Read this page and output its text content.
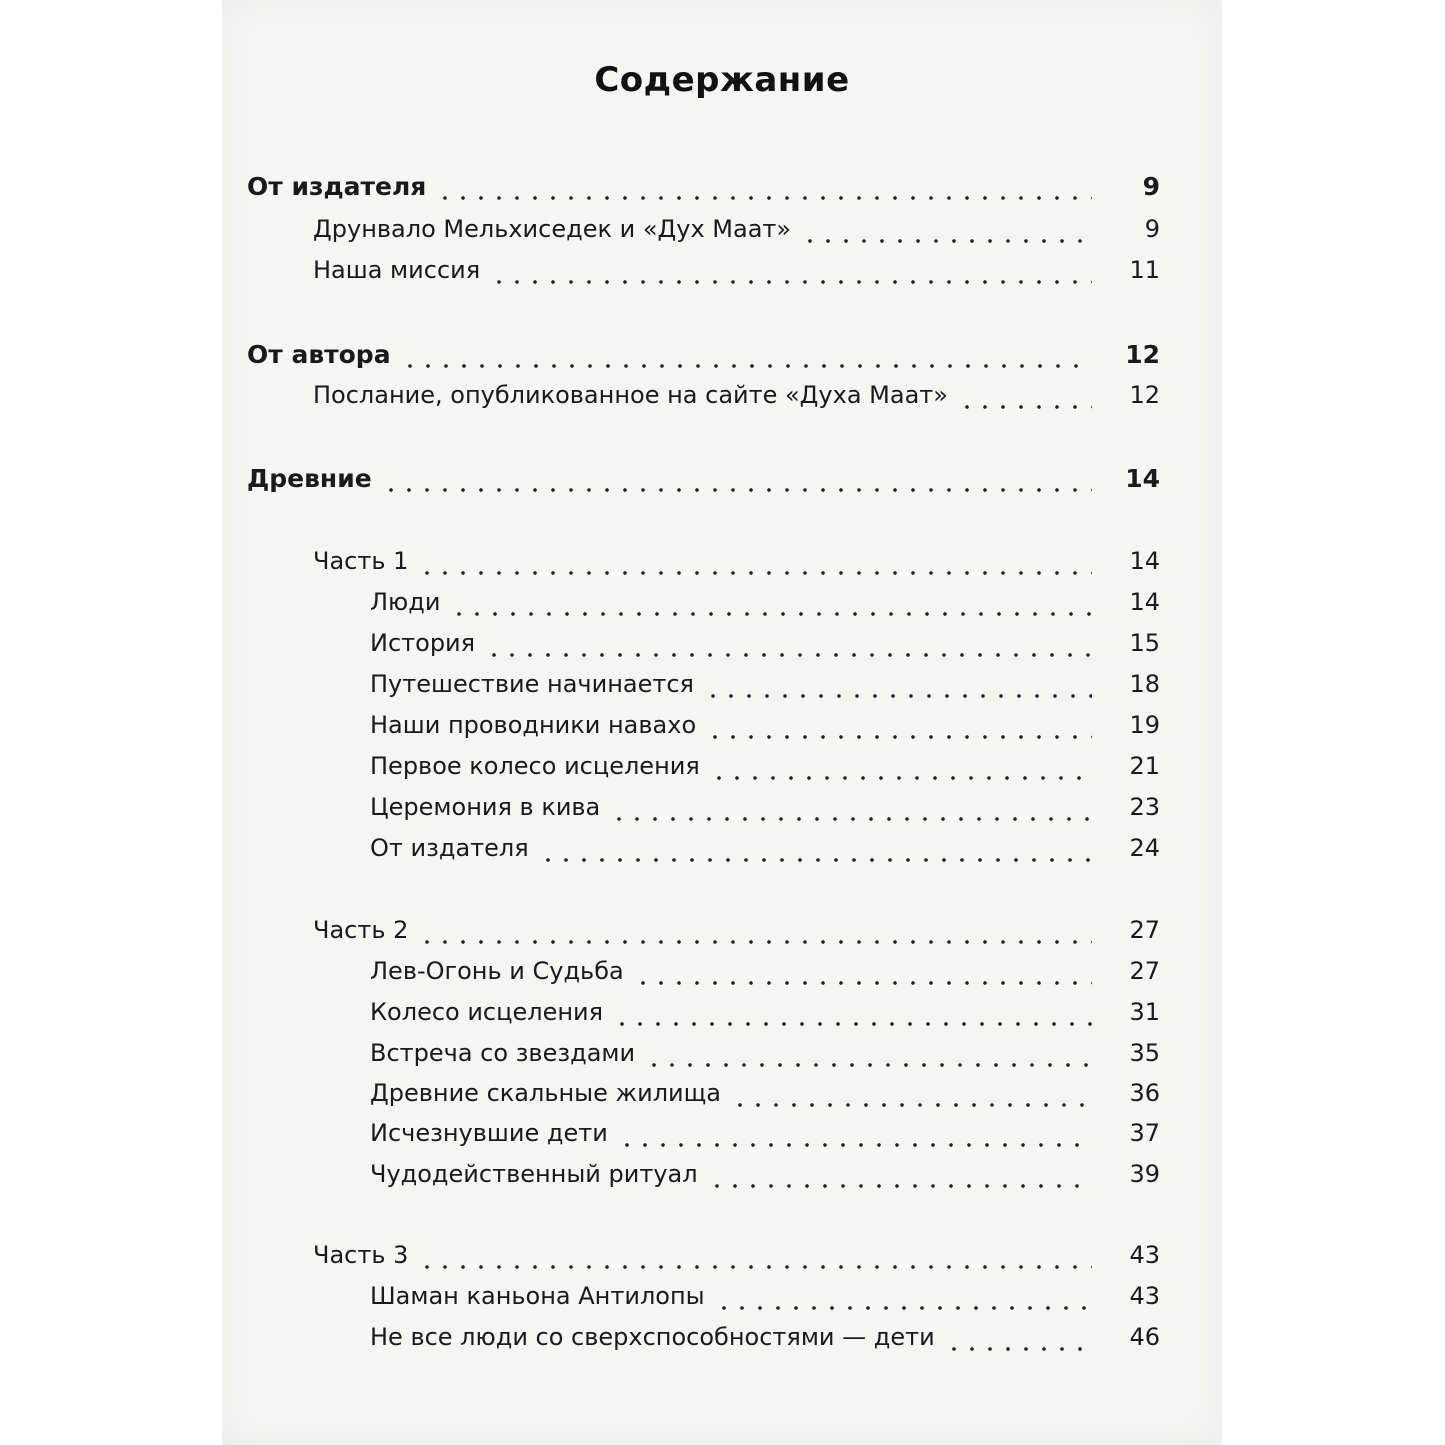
Содержание
От издателя	9
Друнвало Мельхиседек и «Дух Маат»	9
Наша миссия	11
От автора	12
Послание, опубликованное на сайте «Духа Маат»	12
Древние	14
Часть 1	14
Люди	14
История	15
Путешествие начинается	18
Наши проводники навахо	19
Первое колесо исцеления	21
Церемония в кива	23
От издателя	24
Часть 2	27
Лев-Огонь и Судьба	27
Колесо исцеления	31
Встреча со звездами	35
Древние скальные жилища	36
Исчезнувшие дети	37
Чудодейственный ритуал	39
Часть 3	43
Шаман каньона Антилопы	43
Не все люди со сверхспособностями — дети	46
